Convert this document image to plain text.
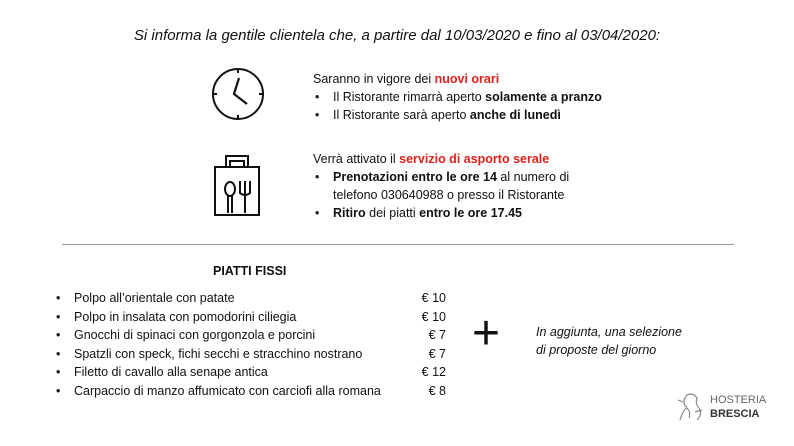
Si informa la gentile clientela che, a partire dal 10/03/2020 e fino al 03/04/2020:
Saranno in vigore dei nuovi orari
• Il Ristorante rimarrà aperto solamente a pranzo
• Il Ristorante sarà aperto anche di lunedì
Verrà attivato il servizio di asporto serale
• Prenotazioni entro le ore 14 al numero di
telefono 030640988 o presso il Ristorante
• Ritiro dei piatti entro le ore 17.45
PIATTI FISSI
• Polpo all’orientale con patate	€ 10
• Polpo in insalata con pomodorini ciliegia	€ 10
• Gnocchi di spinaci con gorgonzola e porcini	€ 7
• Spatzli con speck, fichi secchi e stracchino nostrano	€ 7
• Filetto di cavallo alla senape antica	€ 12
• Carpaccio di manzo affumicato con carciofi alla romana	€ 8
+	In aggiunta, una selezione
di proposte del giorno
HOSTERIA
BRESCIA
